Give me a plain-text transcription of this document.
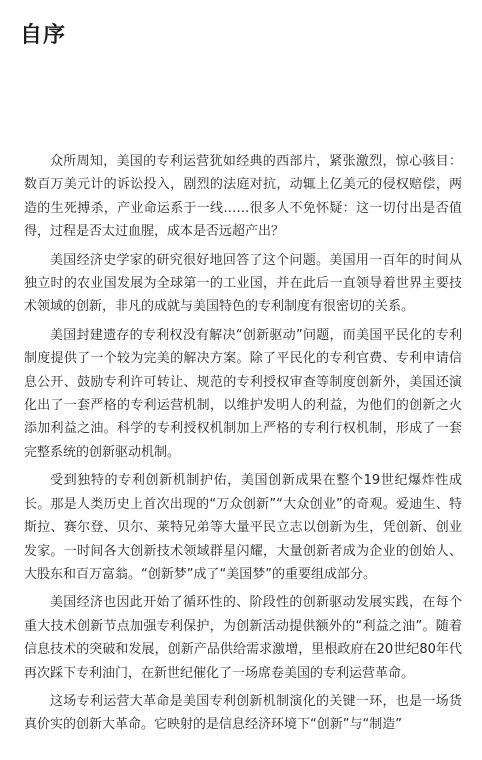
自序

众所周知，美国的专利运营犹如经典的西部片，紧张激烈，惊心骇目：数百万美元计的诉讼投入，剧烈的法庭对抗，动辄上亿美元的侵权赔偿，两造的生死搏杀，产业命运系于一线……很多人不免怀疑：这一切付出是否值得，过程是否太过血腥，成本是否远超产出？

美国经济史学家的研究很好地回答了这个问题。美国用一百年的时间从独立时的农业国发展为全球第一的工业国，并在此后一直领导着世界主要技术领域的创新，非凡的成就与美国特色的专利制度有很密切的关系。

美国封建遗存的专利权没有解决“创新驱动”问题，而美国平民化的专利制度提供了一个较为完美的解决方案。除了平民化的专利官费、专利申请信息公开、鼓励专利许可转让、规范的专利授权审查等制度创新外，美国还演化出了一套严格的专利运营机制，以维护发明人的利益，为他们的创新之火添加利益之油。科学的专利授权机制加上严格的专利行权机制，形成了一套完整系统的创新驱动机制。

受到独特的专利创新机制护佑，美国创新成果在整个19世纪爆炸性成长。那是人类历史上首次出现的“万众创新”“大众创业”的奇观。爱迪生、特斯拉、赛尔登、贝尔、莱特兄弟等大量平民立志以创新为生，凭创新、创业发家。一时间各大创新技术领域群星闪耀，大量创新者成为企业的创始人、大股东和百万富翁。“创新梦”成了“美国梦”的重要组成部分。

美国经济也因此开始了循环性的、阶段性的创新驱动发展实践，在每个重大技术创新节点加强专利保护，为创新活动提供额外的“利益之油”。随着信息技术的突破和发展，创新产品供给需求激增，里根政府在20世纪80年代再次踩下专利油门，在新世纪催化了一场席卷美国的专利运营革命。

这场专利运营大革命是美国专利创新机制演化的关键一环，也是一场货真价实的创新大革命。它映射的是信息经济环境下“创新”与“制造”
